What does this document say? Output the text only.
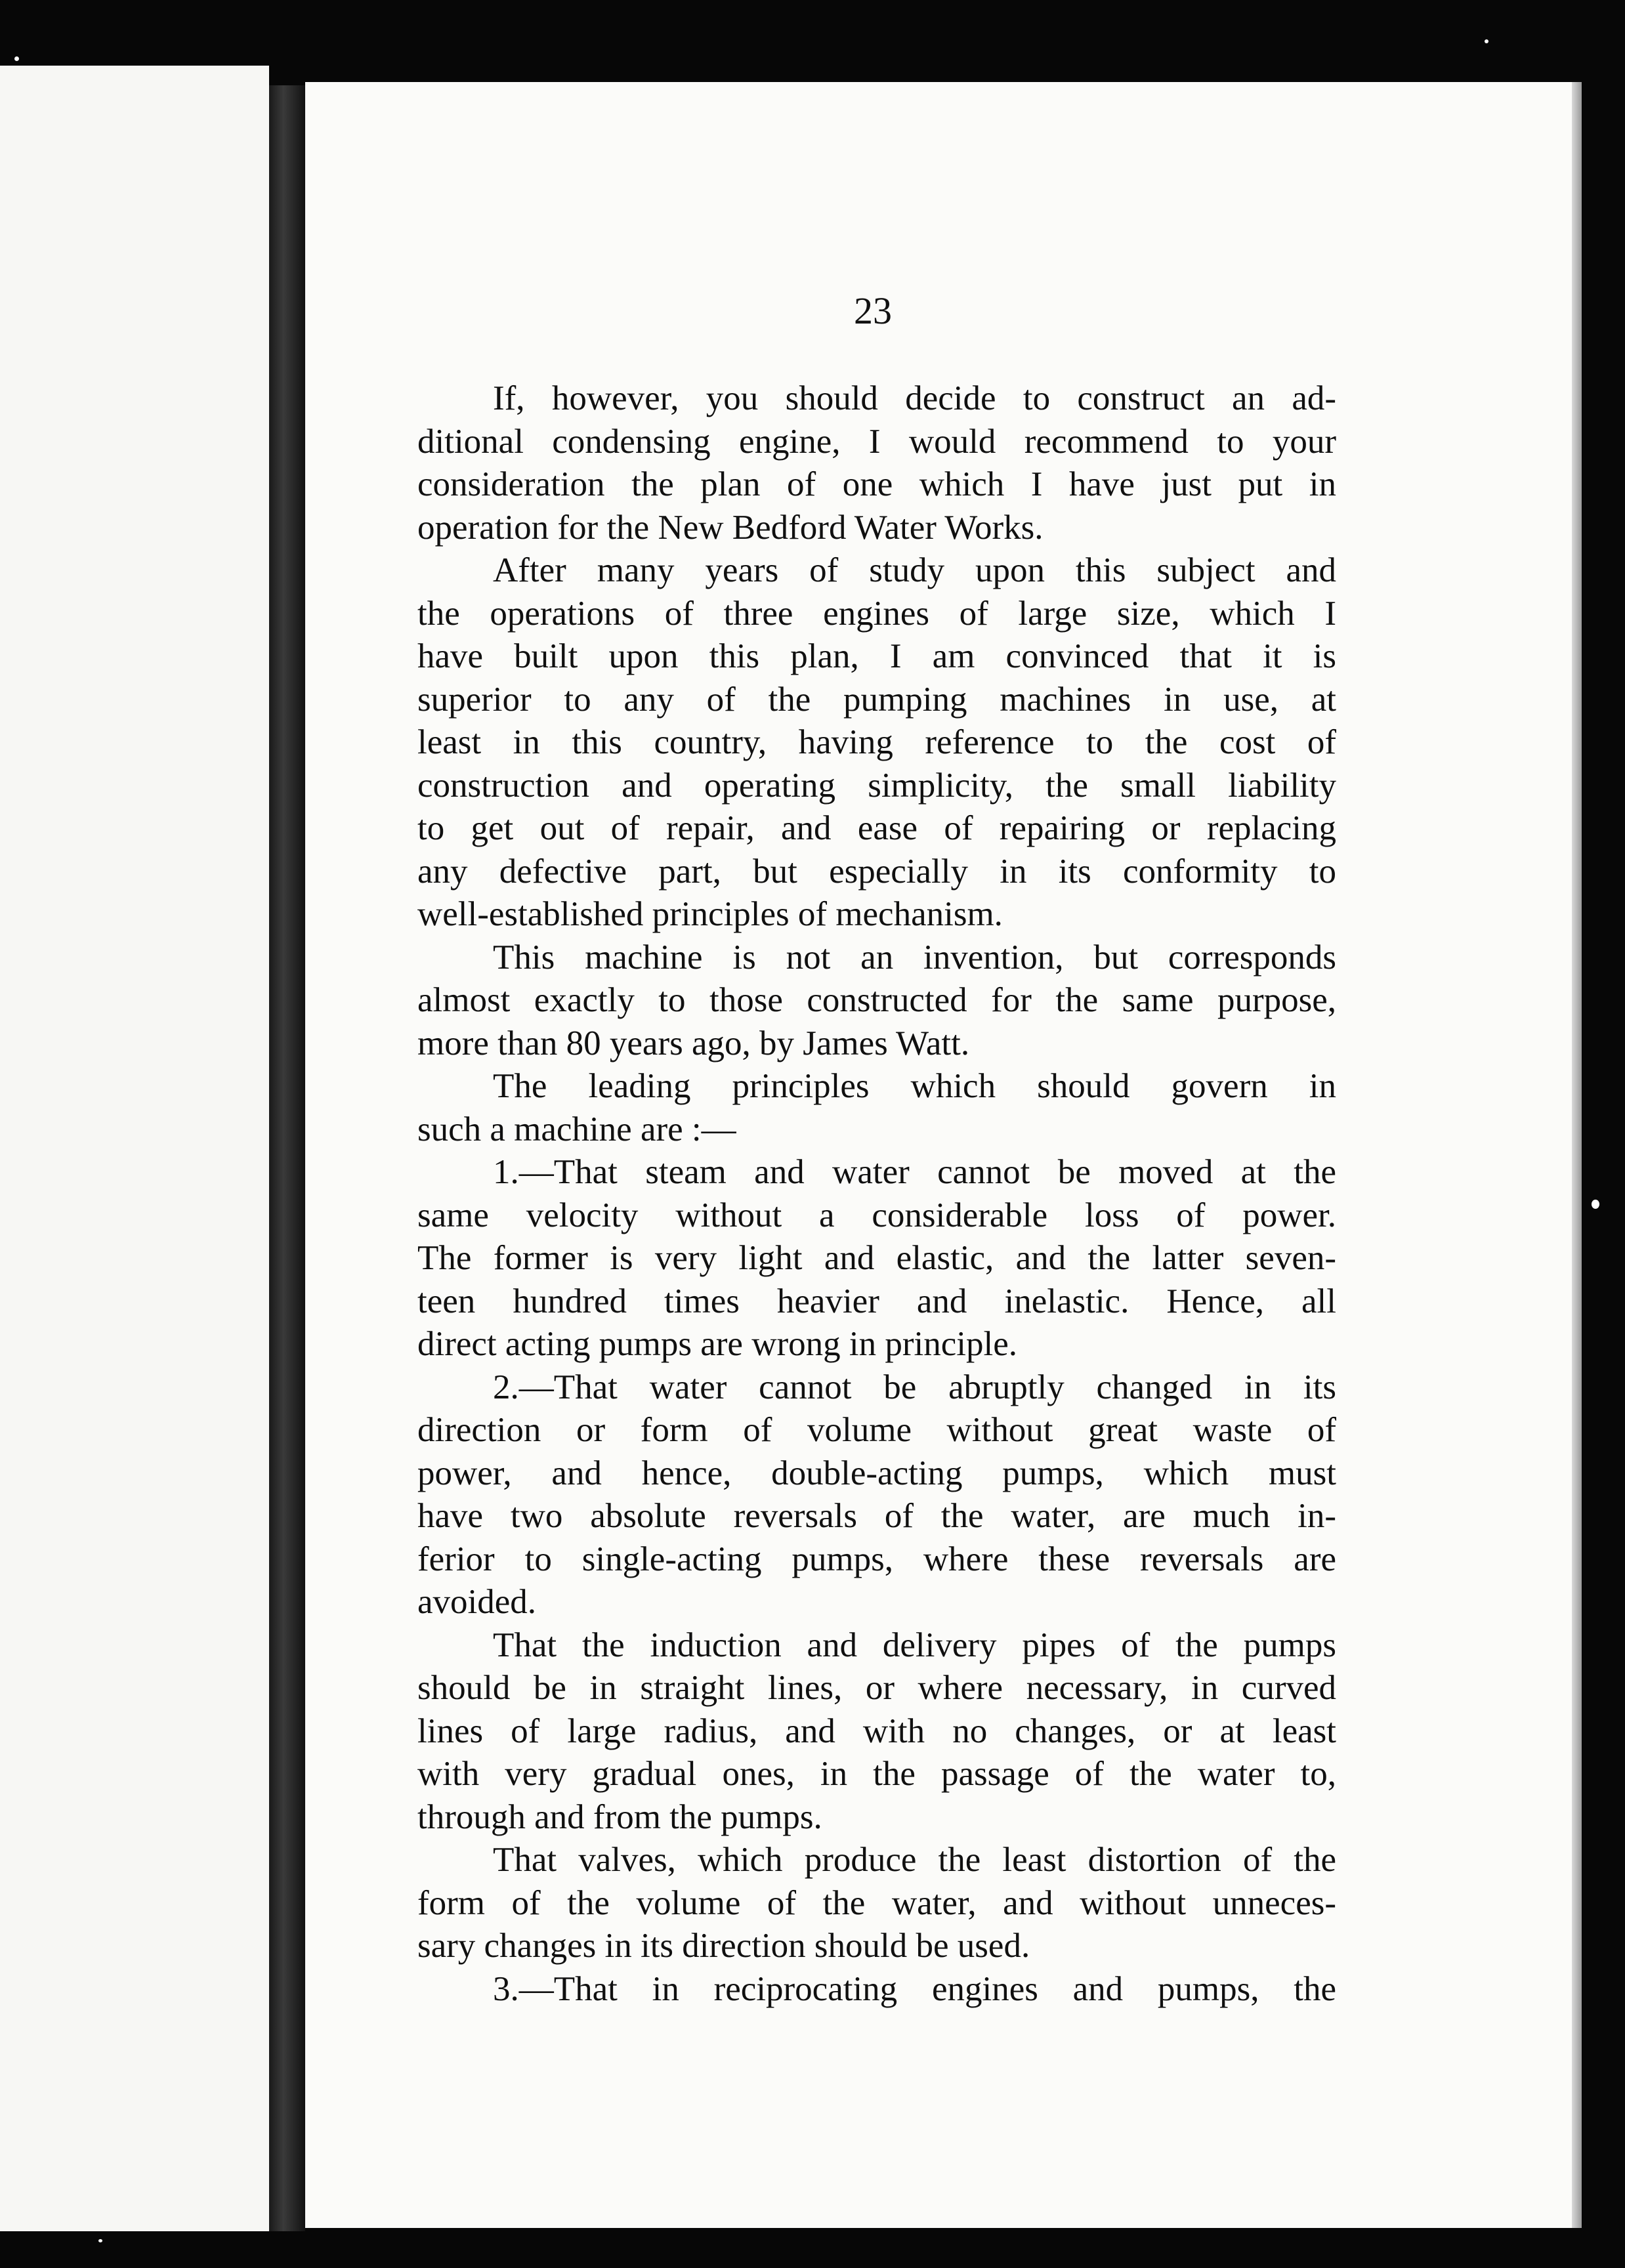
23
If, however, you should decide to construct an ad-
ditional condensing engine, I would recommend to your
consideration the plan of one which I have just put in
operation for the New Bedford Water Works.
After many years of study upon this subject and
the operations of three engines of large size, which I
have built upon this plan, I am convinced that it is
superior to any of the pumping machines in use, at
least in this country, having reference to the cost of
construction and operating simplicity, the small liability
to get out of repair, and ease of repairing or replacing
any defective part, but especially in its conformity to
well-established principles of mechanism.
This machine is not an invention, but corresponds
almost exactly to those constructed for the same purpose,
more than 80 years ago, by James Watt.
The leading principles which should govern in
such a machine are :—
1.—That steam and water cannot be moved at the
same velocity without a considerable loss of power.
The former is very light and elastic, and the latter seven-
teen hundred times heavier and inelastic. Hence, all
direct acting pumps are wrong in principle.
2.—That water cannot be abruptly changed in its
direction or form of volume without great waste of
power, and hence, double-acting pumps, which must
have two absolute reversals of the water, are much in-
ferior to single-acting pumps, where these reversals are
avoided.
That the induction and delivery pipes of the pumps
should be in straight lines, or where necessary, in curved
lines of large radius, and with no changes, or at least
with very gradual ones, in the passage of the water to,
through and from the pumps.
That valves, which produce the least distortion of the
form of the volume of the water, and without unneces-
sary changes in its direction should be used.
3.—That in reciprocating engines and pumps, the
